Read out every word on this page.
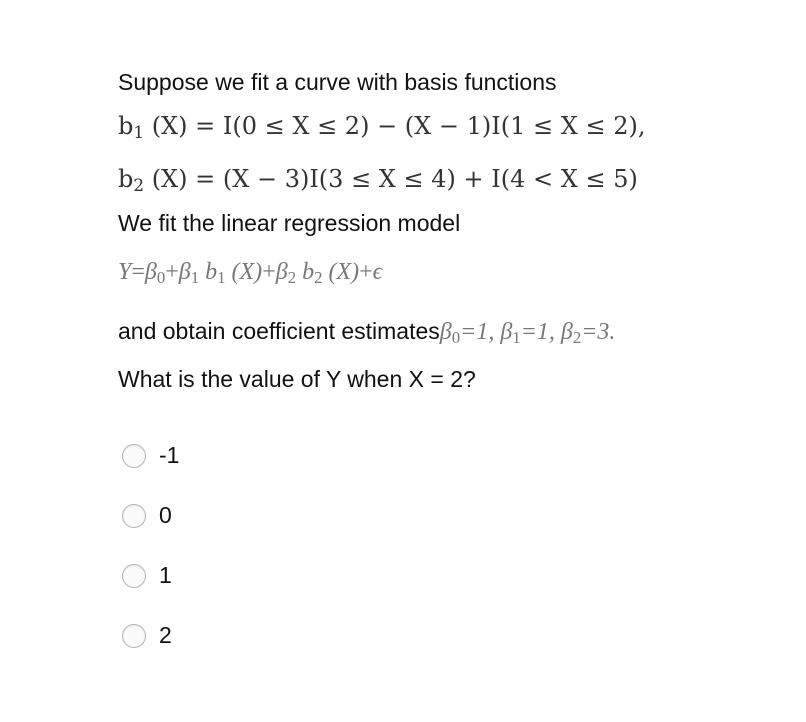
Suppose we fit a curve with basis functions
$b_1$ (X) = I(0 ≤ X ≤ 2) − (X − 1)I(1 ≤ X ≤ 2),
$b_2$ (X) = (X − 3)I(3 ≤ X ≤ 4) + I(4 < X ≤ 5)
We fit the linear regression model
$Y=\beta_0+\beta_1$ $b_1$ $(X)+\beta_2$ $b_2$ (X)+ϵ
and obtain coefficient estimatesβ$_0$=1, $\beta_1=1$, $\beta_2=3$.
What is the value of Y when X = 2?
-1
0
1
2
